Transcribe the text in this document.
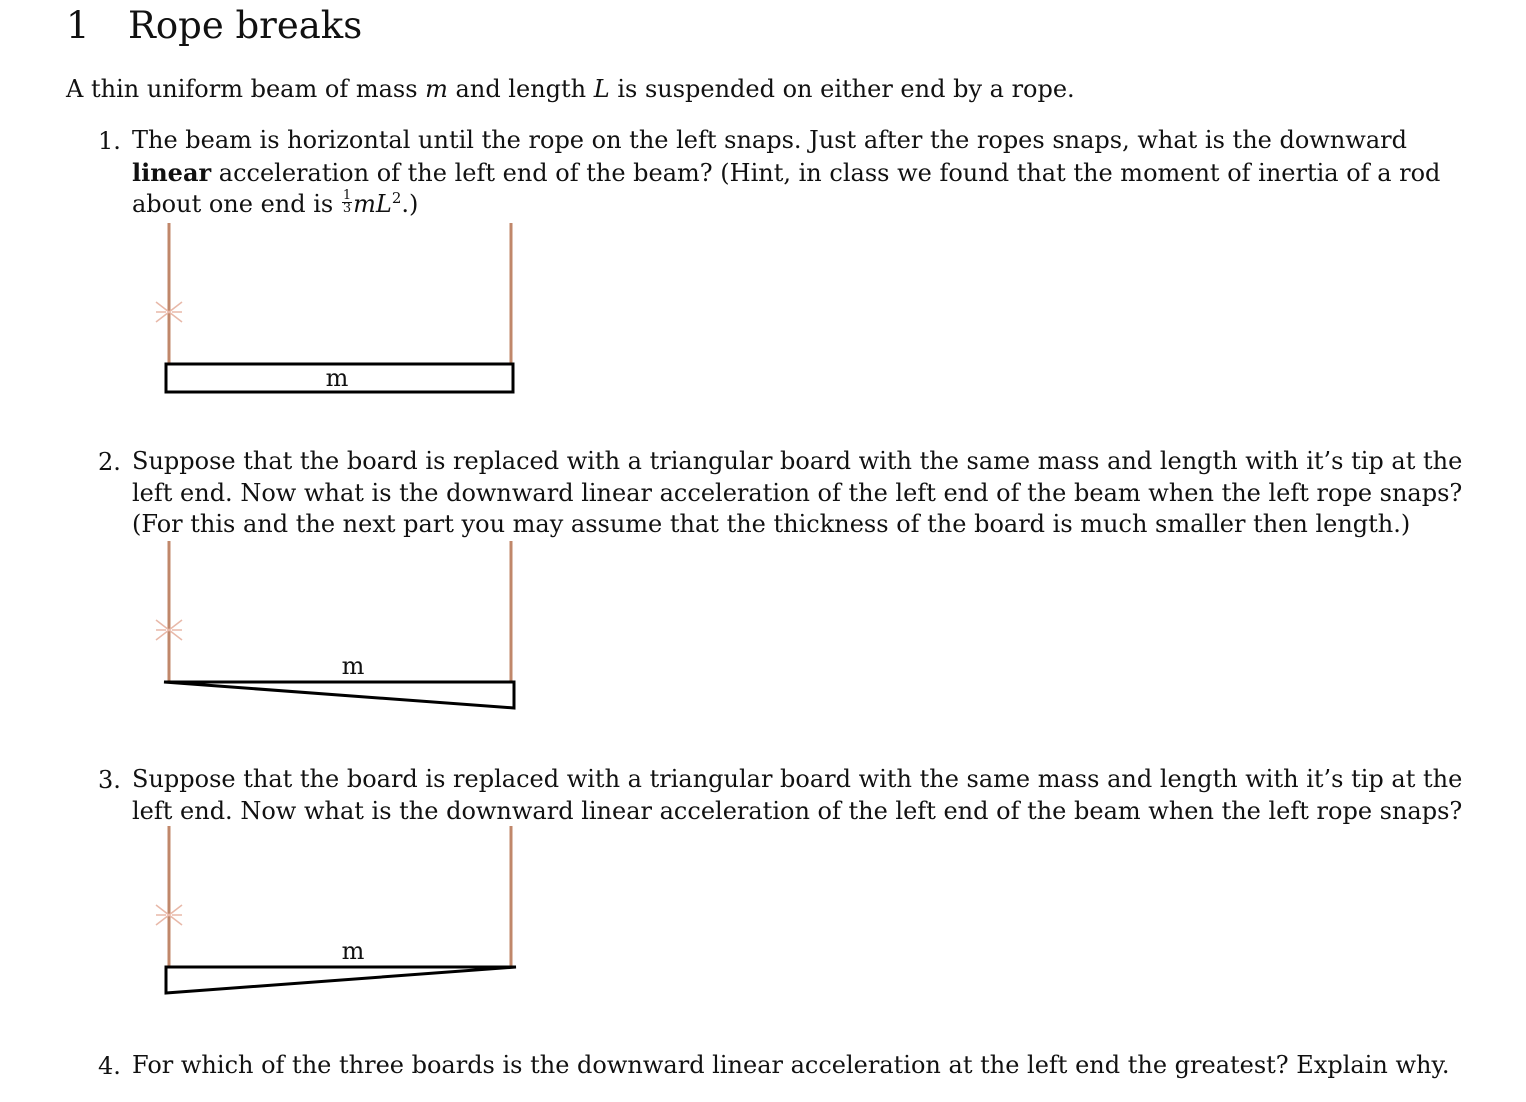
1 Rope breaks
A thin uniform beam of mass m and length L is suspended on either end by a rope.
1. The beam is horizontal until the rope on the left snaps. Just after the ropes snaps, what is the downward
linear acceleration of the left end of the beam? (Hint, in class we found that the moment of inertia of a rod
about one end is $\frac{1}{3} mL^2$.)
m
2. Suppose that the board is replaced with a triangular board with the same mass and length with it’s tip at the
left end. Now what is the downward linear acceleration of the left end of the beam when the left rope snaps?
(For this and the next part you may assume that the thickness of the board is much smaller then length.)
m
3. Suppose that the board is replaced with a triangular board with the same mass and length with it’s tip at the
left end. Now what is the downward linear acceleration of the left end of the beam when the left rope snaps?
m
4. For which of the three boards is the downward linear acceleration at the left end the greatest? Explain why.
